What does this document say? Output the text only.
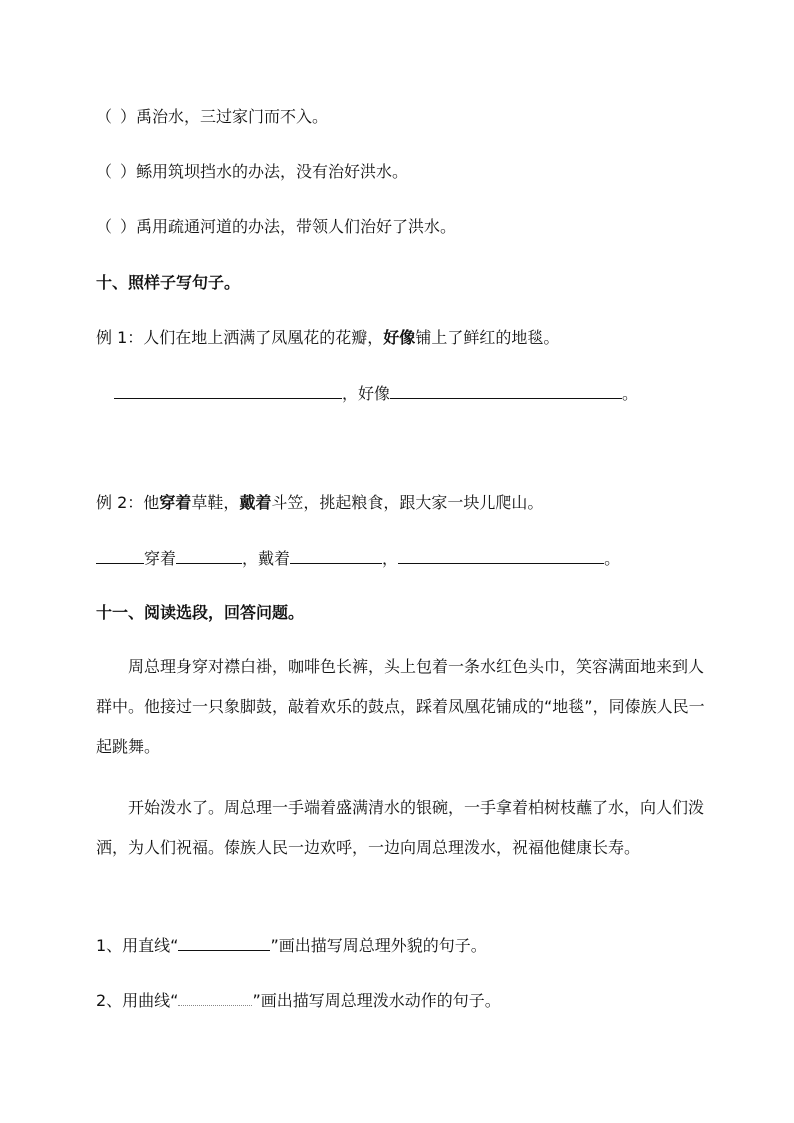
（ ）禹治水，三过家门而不入。
（ ）鲧用筑坝挡水的办法，没有治好洪水。
（ ）禹用疏通河道的办法，带领人们治好了洪水。
十、照样子写句子。
例 1：人们在地上洒满了凤凰花的花瓣，好像铺上了鲜红的地毯。
，好像	。
例 2：他穿着草鞋，戴着斗笠，挑起粮食，跟大家一块儿爬山。
穿着	，戴着	，	。
十一、阅读选段，回答问题。
周总理身穿对襟白褂，咖啡色长裤，头上包着一条水红色头巾，笑容满面地来到人群中。他接过一只象脚鼓，敲着欢乐的鼓点，踩着凤凰花铺成的“地毯”，同傣族人民一起跳舞。
开始泼水了。周总理一手端着盛满清水的银碗，一手拿着柏树枝蘸了水，向人们泼洒，为人们祝福。傣族人民一边欢呼，一边向周总理泼水，祝福他健康长寿。
1、用直线“	”画出描写周总理外貌的句子。
2、用曲线“	”画出描写周总理泼水动作的句子。
